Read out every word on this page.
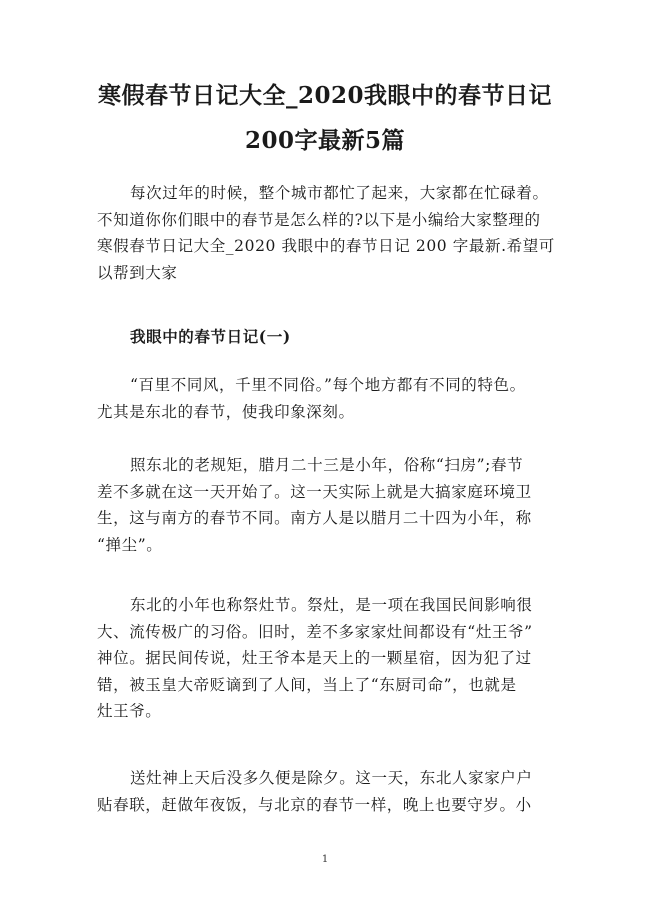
寒假春节日记大全_2020我眼中的春节日记
200字最新5篇

每次过年的时候，整个城市都忙了起来，大家都在忙碌着。
不知道你你们眼中的春节是怎么样的?以下是小编给大家整理的
寒假春节日记大全_2020 我眼中的春节日记 200 字最新.希望可
以帮到大家

我眼中的春节日记(一)

“百里不同风，千里不同俗。”每个地方都有不同的特色。
尤其是东北的春节，使我印象深刻。

照东北的老规矩，腊月二十三是小年，俗称“扫房”;春节
差不多就在这一天开始了。这一天实际上就是大搞家庭环境卫
生，这与南方的春节不同。南方人是以腊月二十四为小年，称
“掸尘”。

东北的小年也称祭灶节。祭灶，是一项在我国民间影响很
大、流传极广的习俗。旧时，差不多家家灶间都设有“灶王爷”
神位。据民间传说，灶王爷本是天上的一颗星宿，因为犯了过
错，被玉皇大帝贬谪到了人间，当上了“东厨司命”，也就是
灶王爷。

送灶神上天后没多久便是除夕。这一天，东北人家家户户
贴春联，赶做年夜饭，与北京的春节一样，晚上也要守岁。小

1
